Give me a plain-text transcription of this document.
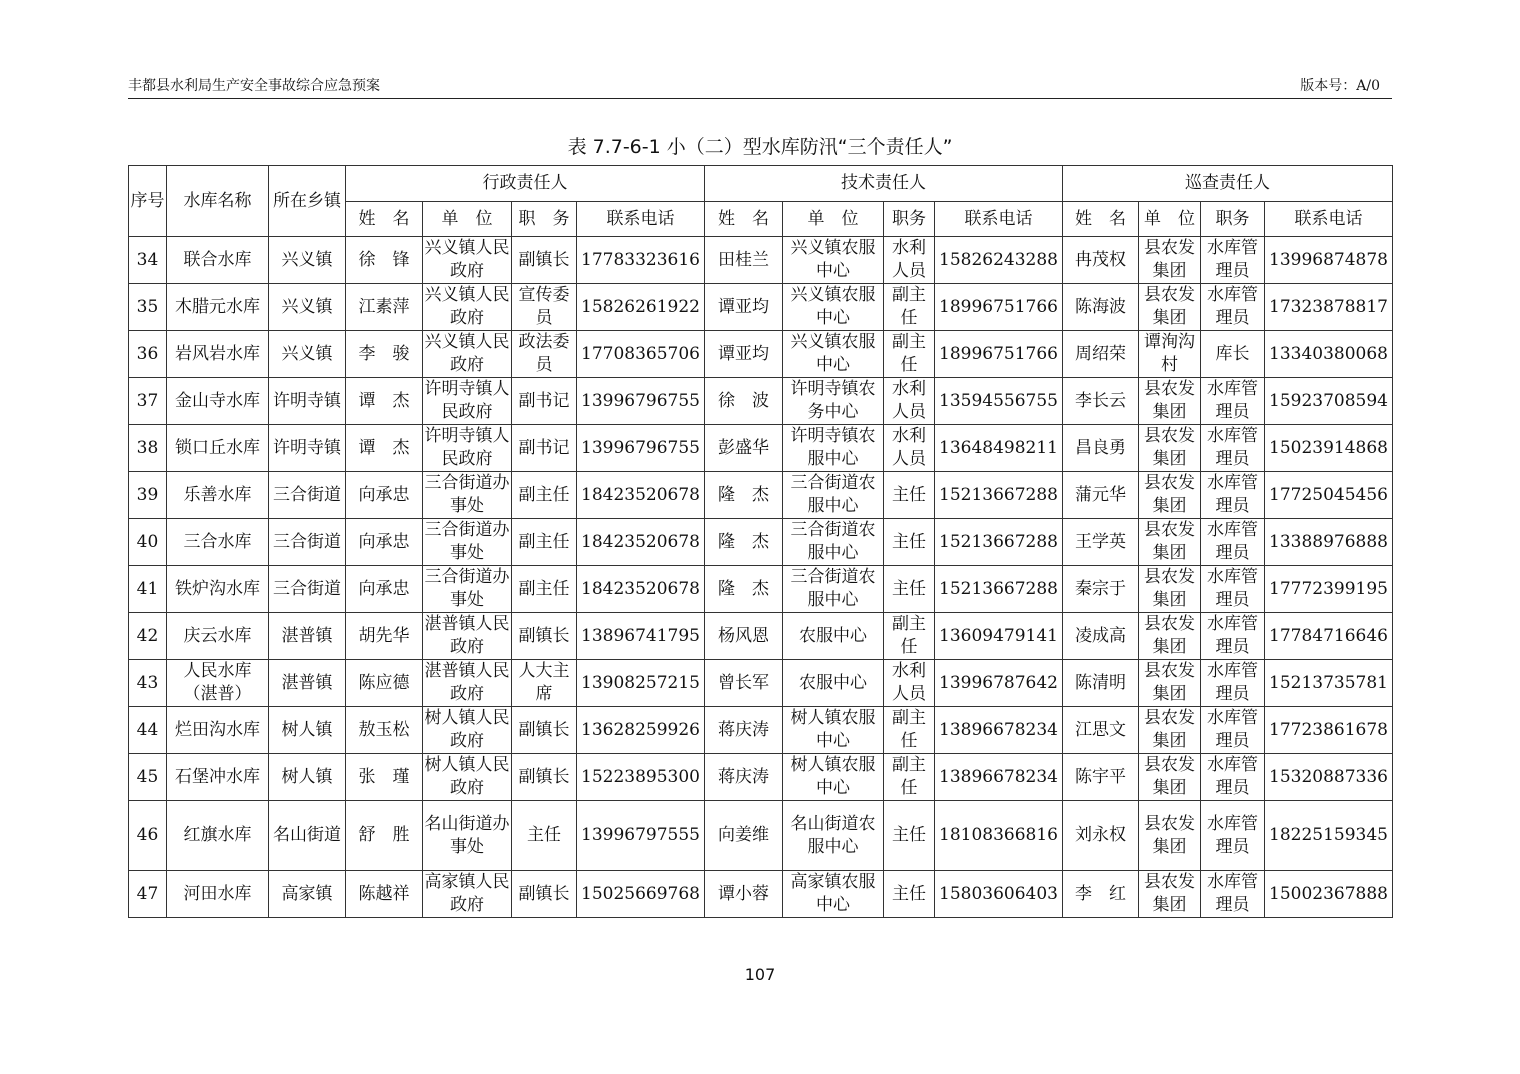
丰都县水利局生产安全事故综合应急预案	版本号：A/0
表 7.7-6-1 小（二）型水库防汛“三个责任人”
序号	水库名称	所在乡镇	行政责任人				技术责任人				巡查责任人			
			姓　名	单　位	职　务	联系电话	姓　名	单　位	职务	联系电话	姓　名	单　位	职务	联系电话
34	联合水库	兴义镇	徐　锋	兴义镇人民政府	副镇长	17783323616	田桂兰	兴义镇农服中心	水利人员	15826243288	冉茂权	县农发集团	水库管理员	13996874878
35	木腊元水库	兴义镇	江素萍	兴义镇人民政府	宣传委员	15826261922	谭亚均	兴义镇农服中心	副主任	18996751766	陈海波	县农发集团	水库管理员	17323878817
36	岩风岩水库	兴义镇	李　骏	兴义镇人民政府	政法委员	17708365706	谭亚均	兴义镇农服中心	副主任	18996751766	周绍荣	谭洵沟村	库长	13340380068
37	金山寺水库	许明寺镇	谭　杰	许明寺镇人民政府	副书记	13996796755	徐　波	许明寺镇农务中心	水利人员	13594556755	李长云	县农发集团	水库管理员	15923708594
38	锁口丘水库	许明寺镇	谭　杰	许明寺镇人民政府	副书记	13996796755	彭盛华	许明寺镇农服中心	水利人员	13648498211	昌良勇	县农发集团	水库管理员	15023914868
39	乐善水库	三合街道	向承忠	三合街道办事处	副主任	18423520678	隆　杰	三合街道农服中心	主任	15213667288	蒲元华	县农发集团	水库管理员	17725045456
40	三合水库	三合街道	向承忠	三合街道办事处	副主任	18423520678	隆　杰	三合街道农服中心	主任	15213667288	王学英	县农发集团	水库管理员	13388976888
41	铁炉沟水库	三合街道	向承忠	三合街道办事处	副主任	18423520678	隆　杰	三合街道农服中心	主任	15213667288	秦宗于	县农发集团	水库管理员	17772399195
42	庆云水库	湛普镇	胡先华	湛普镇人民政府	副镇长	13896741795	杨风恩	农服中心	副主任	13609479141	凌成高	县农发集团	水库管理员	17784716646
43	人民水库（湛普）	湛普镇	陈应德	湛普镇人民政府	人大主席	13908257215	曾长军	农服中心	水利人员	13996787642	陈清明	县农发集团	水库管理员	15213735781
44	烂田沟水库	树人镇	敖玉松	树人镇人民政府	副镇长	13628259926	蒋庆涛	树人镇农服中心	副主任	13896678234	江思文	县农发集团	水库管理员	17723861678
45	石堡冲水库	树人镇	张　瑾	树人镇人民政府	副镇长	15223895300	蒋庆涛	树人镇农服中心	副主任	13896678234	陈宇平	县农发集团	水库管理员	15320887336
46	红旗水库	名山街道	舒　胜	名山街道办事处	主任	13996797555	向姜维	名山街道农服中心	主任	18108366816	刘永权	县农发集团	水库管理员	18225159345
47	河田水库	高家镇	陈越祥	高家镇人民政府	副镇长	15025669768	谭小蓉	高家镇农服中心	主任	15803606403	李　红	县农发集团	水库管理员	15002367888
107
